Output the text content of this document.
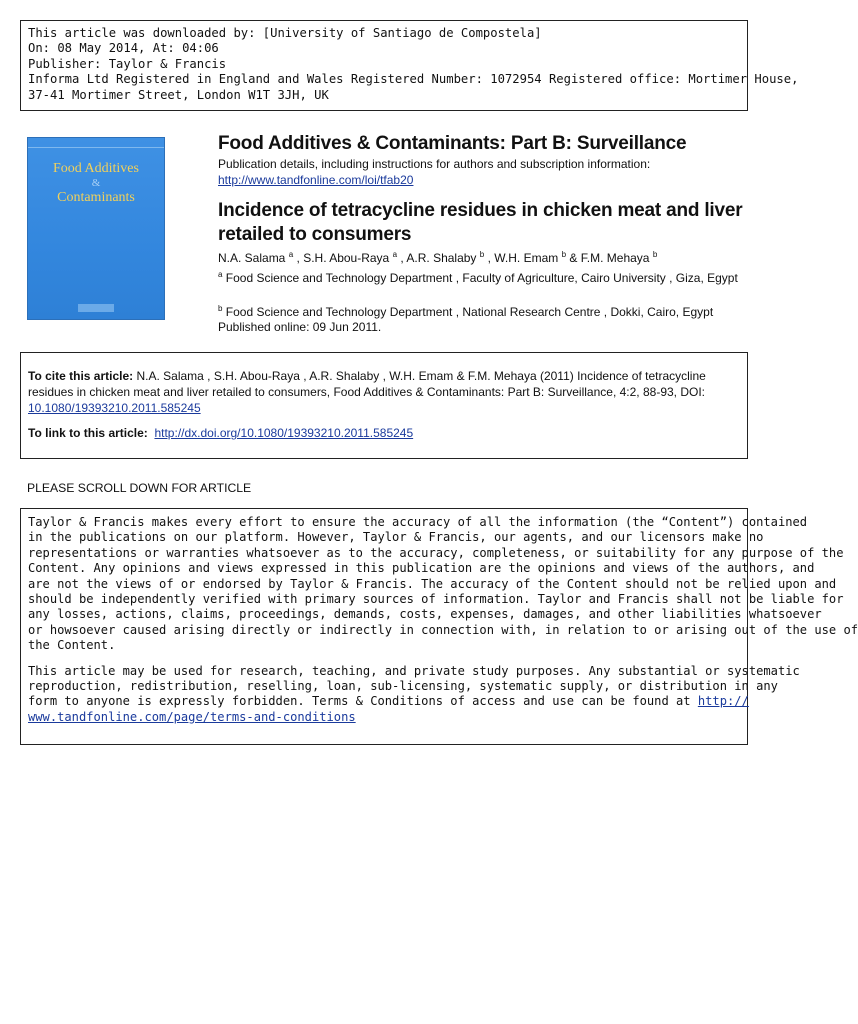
This article was downloaded by: [University of Santiago de Compostela]
On: 08 May 2014, At: 04:06
Publisher: Taylor & Francis
Informa Ltd Registered in England and Wales Registered Number: 1072954 Registered office: Mortimer House,
37-41 Mortimer Street, London W1T 3JH, UK

Food Additives
&
Contaminants
Food Additives & Contaminants: Part B: Surveillance
Publication details, including instructions for authors and subscription information:
http://www.tandfonline.com/loi/tfab20
Incidence of tetracycline residues in chicken meat and liver retailed to consumers
N.A. Salama $^a$ , S.H. Abou-Raya $^a$ , A.R. Shalaby $^b$ , W.H. Emam $^b$ & F.M. Mehaya $^b$
$^a$ Food Science and Technology Department , Faculty of Agriculture, Cairo University , Giza, Egypt
$^b$ Food Science and Technology Department , National Research Centre , Dokki, Cairo, Egypt
Published online: 09 Jun 2011.
To cite this article: N.A. Salama , S.H. Abou-Raya , A.R. Shalaby , W.H. Emam & F.M. Mehaya (2011) Incidence of tetracycline residues in chicken meat and liver retailed to consumers, Food Additives & Contaminants: Part B: Surveillance, 4:2, 88-93, DOI: 10.1080/19393210.2011.585245
To link to this article: http://dx.doi.org/10.1080/19393210.2011.585245
PLEASE SCROLL DOWN FOR ARTICLE
Taylor & Francis makes every effort to ensure the accuracy of all the information (the “Content”) contained
in the publications on our platform. However, Taylor & Francis, our agents, and our licensors make no
representations or warranties whatsoever as to the accuracy, completeness, or suitability for any purpose of the
Content. Any opinions and views expressed in this publication are the opinions and views of the authors, and
are not the views of or endorsed by Taylor & Francis. The accuracy of the Content should not be relied upon and
should be independently verified with primary sources of information. Taylor and Francis shall not be liable for
any losses, actions, claims, proceedings, demands, costs, expenses, damages, and other liabilities whatsoever
or howsoever caused arising directly or indirectly in connection with, in relation to or arising out of the use of
the Content.
This article may be used for research, teaching, and private study purposes. Any substantial or systematic
reproduction, redistribution, reselling, loan, sub-licensing, systematic supply, or distribution in any
form to anyone is expressly forbidden. Terms & Conditions of access and use can be found at http://
www.tandfonline.com/page/terms-and-conditions
